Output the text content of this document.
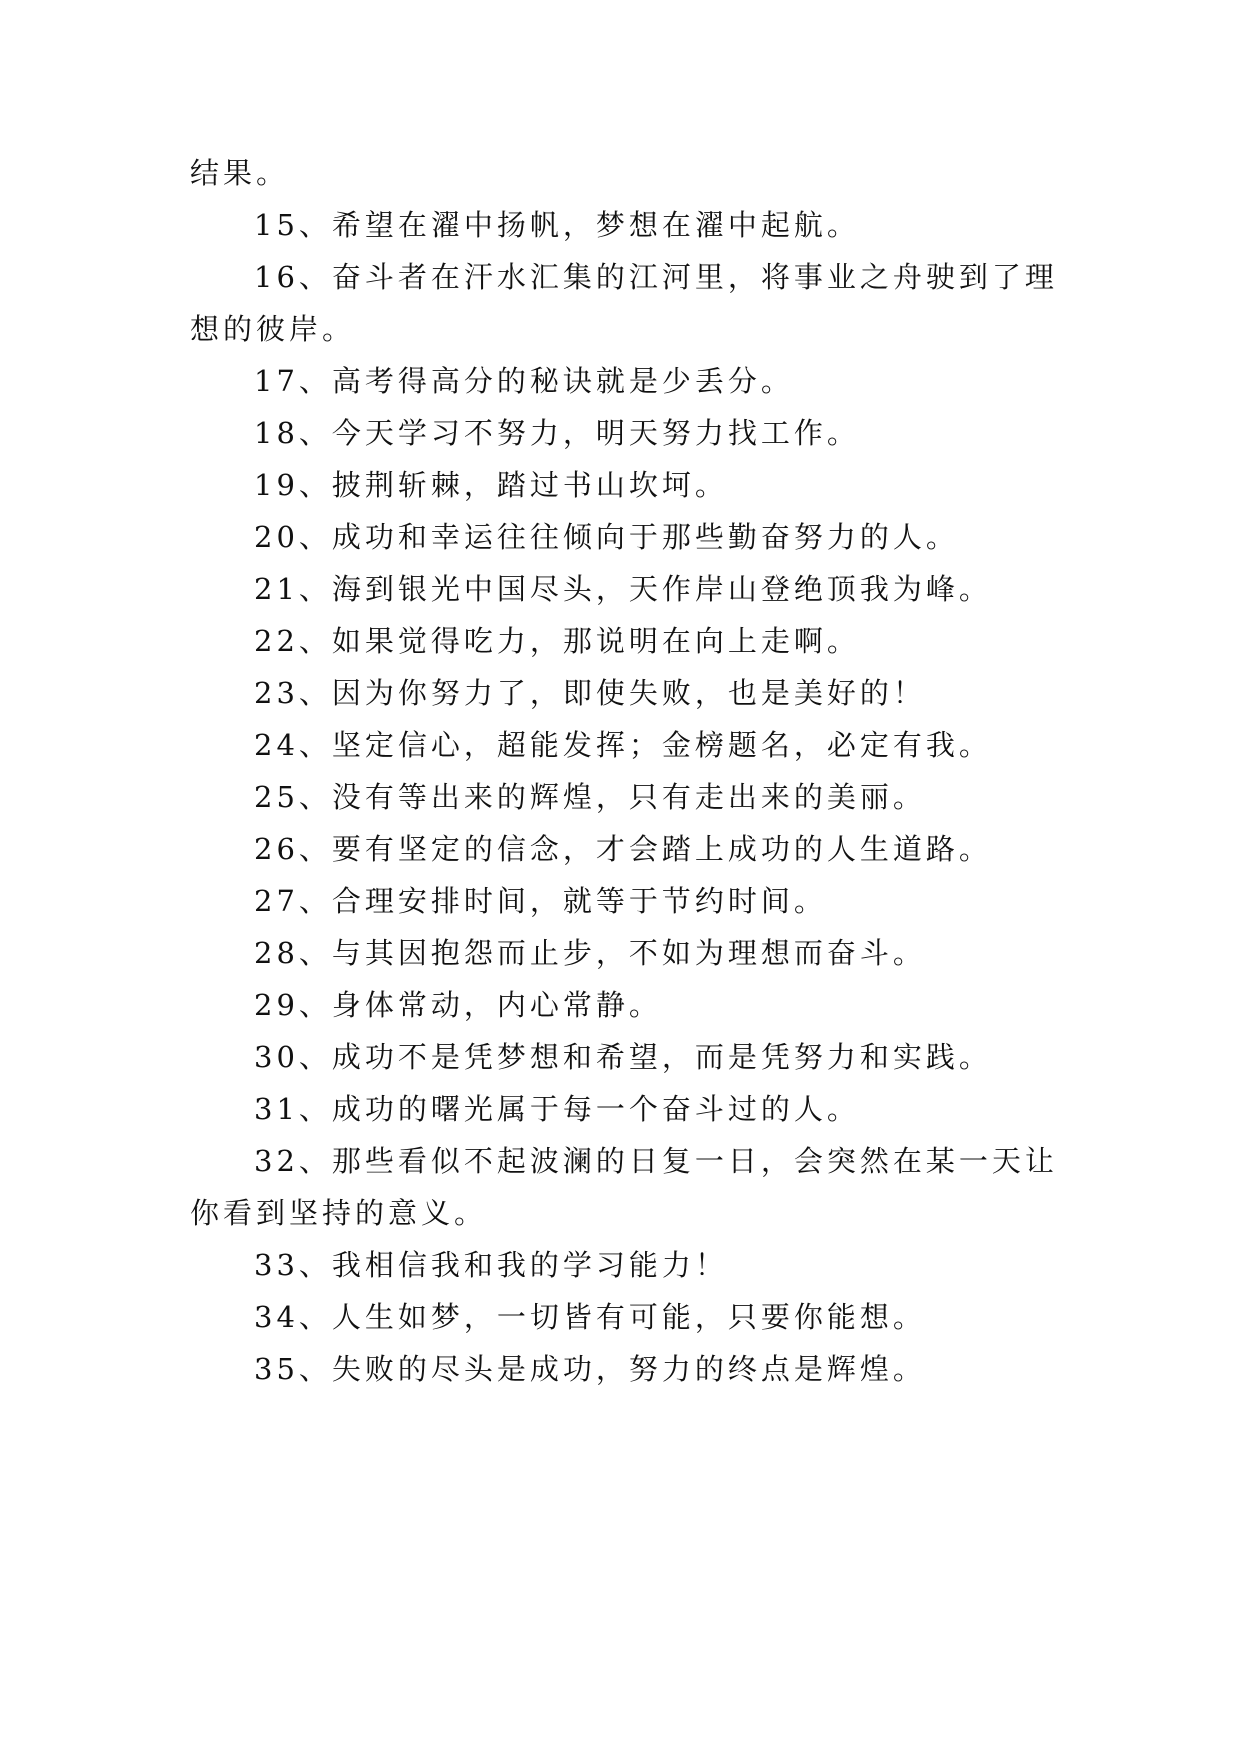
结果。
15、希望在濯中扬帆，梦想在濯中起航。
16、奋斗者在汗水汇集的江河里，将事业之舟驶到了理
想的彼岸。
17、高考得高分的秘诀就是少丢分。
18、今天学习不努力，明天努力找工作。
19、披荆斩棘，踏过书山坎坷。
20、成功和幸运往往倾向于那些勤奋努力的人。
21、海到银光中国尽头，天作岸山登绝顶我为峰。
22、如果觉得吃力，那说明在向上走啊。
23、因为你努力了，即使失败，也是美好的！
24、坚定信心，超能发挥；金榜题名，必定有我。
25、没有等出来的辉煌，只有走出来的美丽。
26、要有坚定的信念，才会踏上成功的人生道路。
27、合理安排时间，就等于节约时间。
28、与其因抱怨而止步，不如为理想而奋斗。
29、身体常动，内心常静。
30、成功不是凭梦想和希望，而是凭努力和实践。
31、成功的曙光属于每一个奋斗过的人。
32、那些看似不起波澜的日复一日，会突然在某一天让
你看到坚持的意义。
33、我相信我和我的学习能力！
34、人生如梦，一切皆有可能，只要你能想。
35、失败的尽头是成功，努力的终点是辉煌。
